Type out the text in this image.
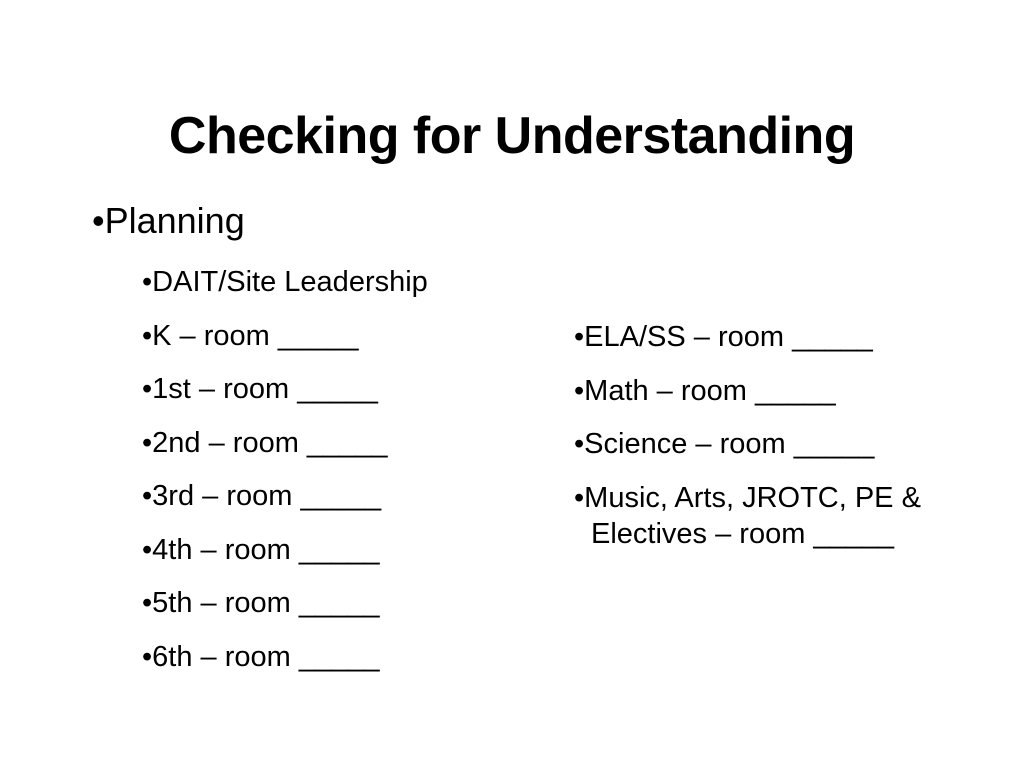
Checking for Understanding
•Planning
•DAIT/Site Leadership
•K – room _____
•1st – room _____
•2nd – room _____
•3rd – room _____
•4th – room _____
•5th – room _____
•6th – room _____
•ELA/SS – room _____
•Math – room _____
•Science – room _____
•Music, Arts, JROTC, PE &
Electives – room _____
